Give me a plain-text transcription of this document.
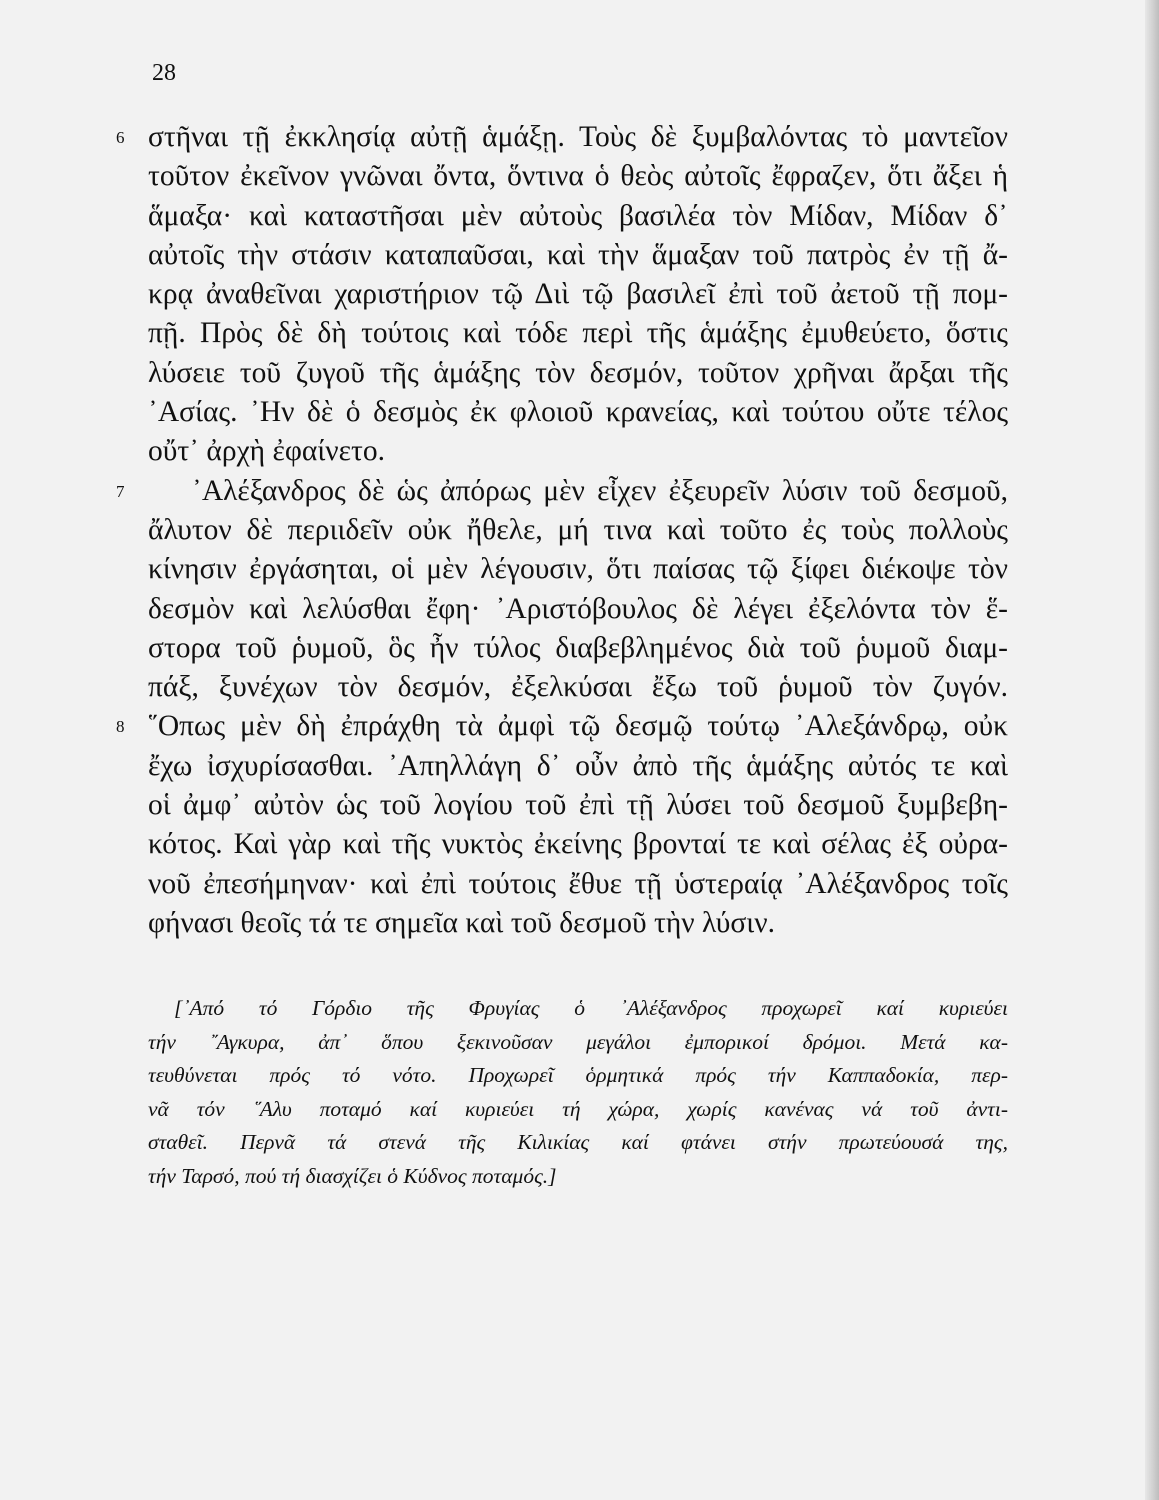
28
6 στῆναι τῇ ἐκκλησίᾳ αὐτῇ ἁμάξῃ. Τοὺς δὲ ξυμβαλόντας τὸ μαντεῖον
τοῦτον ἐκεῖνον γνῶναι ὄντα, ὅντινα ὁ θεὸς αὐτοῖς ἔφραζεν, ὅτι ἄξει ἡ
ἅμαξα· καὶ καταστῆσαι μὲν αὐτοὺς βασιλέα τὸν Μίδαν, Μίδαν δ᾽
αὐτοῖς τὴν στάσιν καταπαῦσαι, καὶ τὴν ἅμαξαν τοῦ πατρὸς ἐν τῇ ἄ-
κρᾳ ἀναθεῖναι χαριστήριον τῷ Διὶ τῷ βασιλεῖ ἐπὶ τοῦ ἀετοῦ τῇ πομ-
πῇ. Πρὸς δὲ δὴ τούτοις καὶ τόδε περὶ τῆς ἁμάξης ἐμυθεύετο, ὅστις
λύσειε τοῦ ζυγοῦ τῆς ἁμάξης τὸν δεσμόν, τοῦτον χρῆναι ἄρξαι τῆς
᾽Ασίας. ᾽Ην δὲ ὁ δεσμὸς ἐκ φλοιοῦ κρανείας, καὶ τούτου οὔτε τέλος
οὔτ᾽ ἀρχὴ ἐφαίνετο.
7 ᾽Αλέξανδρος δὲ ὡς ἀπόρως μὲν εἶχεν ἐξευρεῖν λύσιν τοῦ δεσμοῦ,
ἄλυτον δὲ περιιδεῖν οὐκ ἤθελε, μή τινα καὶ τοῦτο ἐς τοὺς πολλοὺς
κίνησιν ἐργάσηται, οἱ μὲν λέγουσιν, ὅτι παίσας τῷ ξίφει διέκοψε τὸν
δεσμὸν καὶ λελύσθαι ἔφη· ᾽Αριστόβουλος δὲ λέγει ἐξελόντα τὸν ἕ-
στορα τοῦ ῥυμοῦ, ὃς ἦν τύλος διαβεβλημένος διὰ τοῦ ῥυμοῦ διαμ-
πάξ, ξυνέχων τὸν δεσμόν, ἐξελκύσαι ἔξω τοῦ ῥυμοῦ τὸν ζυγόν.
8 ῞Οπως μὲν δὴ ἐπράχθη τὰ ἀμφὶ τῷ δεσμῷ τούτῳ ᾽Αλεξάνδρῳ, οὐκ
ἔχω ἰσχυρίσασθαι. ᾽Απηλλάγη δ᾽ οὖν ἀπὸ τῆς ἁμάξης αὐτός τε καὶ
οἱ ἀμφ᾽ αὐτὸν ὡς τοῦ λογίου τοῦ ἐπὶ τῇ λύσει τοῦ δεσμοῦ ξυμβεβη-
κότος. Καὶ γὰρ καὶ τῆς νυκτὸς ἐκείνης βρονταί τε καὶ σέλας ἐξ οὐρα-
νοῦ ἐπεσήμηναν· καὶ ἐπὶ τούτοις ἔθυε τῇ ὑστεραίᾳ ᾽Αλέξανδρος τοῖς
φήνασι θεοῖς τά τε σημεῖα καὶ τοῦ δεσμοῦ τὴν λύσιν.
[᾽Από τό Γόρδιο τῆς Φρυγίας ὁ ᾽Αλέξανδρος προχωρεῖ καί κυριεύει
τήν ῎Αγκυρα, ἀπ᾽ ὅπου ξεκινοῦσαν μεγάλοι ἐμπορικοί δρόμοι. Μετά κα-
τευθύνεται πρός τό νότο. Προχωρεῖ ὁρμητικά πρός τήν Καππαδοκία, περ-
νᾶ τόν ῞Αλυ ποταμό καί κυριεύει τή χώρα, χωρίς κανένας νά τοῦ ἀντι-
σταθεῖ. Περνᾶ τά στενά τῆς Κιλικίας καί φτάνει στήν πρωτεύουσά της,
τήν Ταρσό, πού τή διασχίζει ὁ Κύδνος ποταμός.]
